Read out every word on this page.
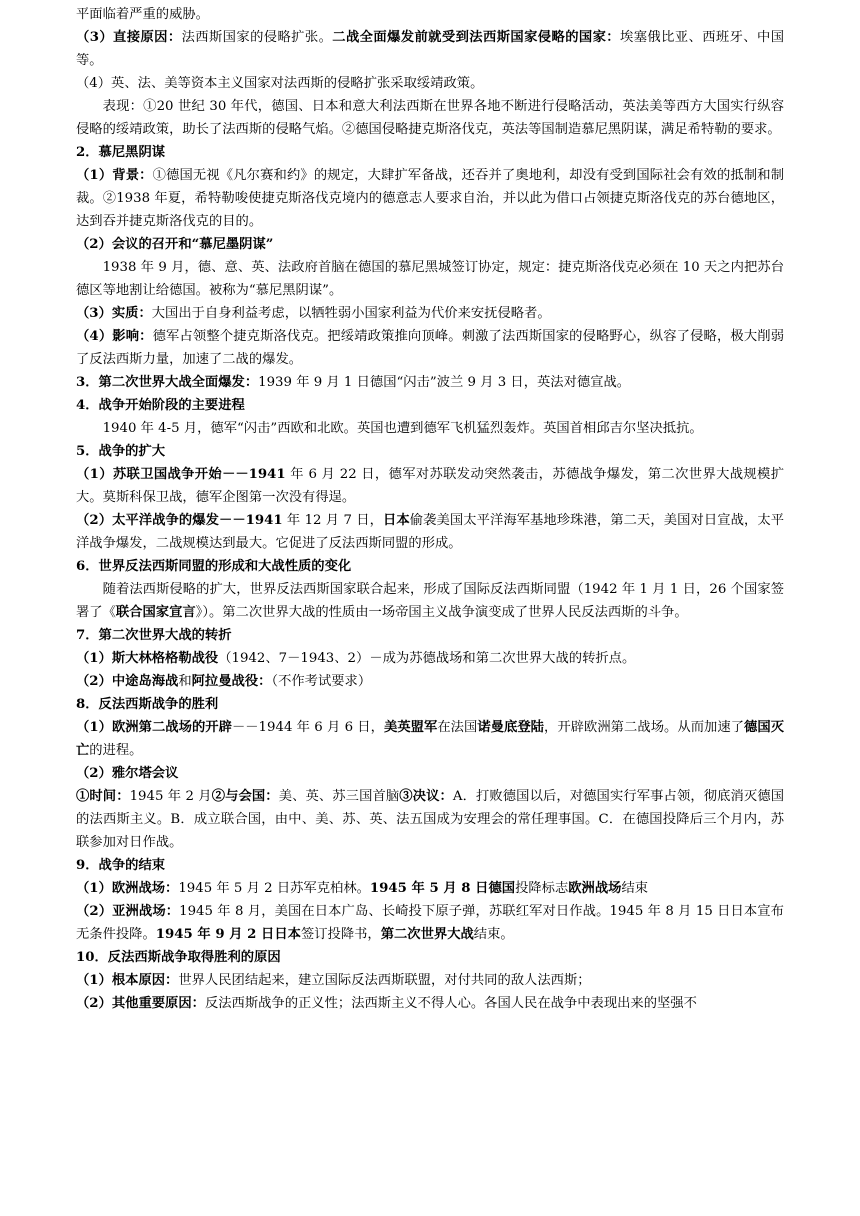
平面临着严重的威胁。

（3）直接原因：法西斯国家的侵略扩张。二战全面爆发前就受到法西斯国家侵略的国家：埃塞俄比亚、西班牙、中国等。

（4）英、法、美等资本主义国家对法西斯的侵略扩张采取绥靖政策。

表现：①20 世纪 30 年代，德国、日本和意大利法西斯在世界各地不断进行侵略活动，英法美等西方大国实行纵容侵略的绥靖政策，助长了法西斯的侵略气焰。②德国侵略捷克斯洛伐克，英法等国制造慕尼黑阴谋，满足希特勒的要求。

2．慕尼黑阴谋

（1）背景：①德国无视《凡尔赛和约》的规定，大肆扩军备战，还吞并了奥地利，却没有受到国际社会有效的抵制和制裁。②1938 年夏，希特勒唆使捷克斯洛伐克境内的德意志人要求自治，并以此为借口占领捷克斯洛伐克的苏台德地区，达到吞并捷克斯洛伐克的目的。

（2）会议的召开和“慕尼墨阴谋”

1938 年 9 月，德、意、英、法政府首脑在德国的慕尼黑城签订协定，规定：捷克斯洛伐克必须在 10 天之内把苏台德区等地割让给德国。被称为“慕尼黑阴谋”。

（3）实质：大国出于自身利益考虑，以牺牲弱小国家利益为代价来安抚侵略者。

（4）影响：德军占领整个捷克斯洛伐克。把绥靖政策推向顶峰。刺激了法西斯国家的侵略野心，纵容了侵略，极大削弱了反法西斯力量，加速了二战的爆发。

3．第二次世界大战全面爆发：1939 年 9 月 1 日德国“闪击”波兰 9 月 3 日，英法对德宣战。

4．战争开始阶段的主要进程

1940 年 4-5 月，德军“闪击”西欧和北欧。英国也遭到德军飞机猛烈轰炸。英国首相邱吉尔坚决抵抗。

5．战争的扩大

（1）苏联卫国战争开始－－1941 年 6 月 22 日，德军对苏联发动突然袭击，苏德战争爆发，第二次世界大战规模扩大。莫斯科保卫战，德军企图第一次没有得逞。

（2）太平洋战争的爆发－－1941 年 12 月 7 日，日本偷袭美国太平洋海军基地珍珠港，第二天，美国对日宣战，太平洋战争爆发，二战规模达到最大。它促进了反法西斯同盟的形成。

6．世界反法西斯同盟的形成和大战性质的变化

随着法西斯侵略的扩大，世界反法西斯国家联合起来，形成了国际反法西斯同盟（1942 年 1 月 1 日，26 个国家签署了《联合国家宣言》）。第二次世界大战的性质由一场帝国主义战争演变成了世界人民反法西斯的斗争。

7．第二次世界大战的转折

（1）斯大林格格勒战役（1942、7－1943、2）－成为苏德战场和第二次世界大战的转折点。

（2）中途岛海战和阿拉曼战役：（不作考试要求）

8．反法西斯战争的胜利

（1）欧洲第二战场的开辟－－1944 年 6 月 6 日，美英盟军在法国诺曼底登陆，开辟欧洲第二战场。从而加速了德国灭亡的进程。

（2）雅尔塔会议

①时间：1945 年 2 月②与会国：美、英、苏三国首脑③决议：A．打败德国以后，对德国实行军事占领，彻底消灭德国的法西斯主义。B．成立联合国，由中、美、苏、英、法五国成为安理会的常任理事国。C．在德国投降后三个月内，苏联参加对日作战。

9．战争的结束

（1）欧洲战场：1945 年 5 月 2 日苏军克柏林。1945 年 5 月 8 日德国投降标志欧洲战场结束

（2）亚洲战场：1945 年 8 月，美国在日本广岛、长崎投下原子弹，苏联红军对日作战。1945 年 8 月 15 日日本宣布无条件投降。1945 年 9 月 2 日日本签订投降书，第二次世界大战结束。

10．反法西斯战争取得胜利的原因

（1）根本原因：世界人民团结起来，建立国际反法西斯联盟，对付共同的敌人法西斯；

（2）其他重要原因：反法西斯战争的正义性；法西斯主义不得人心。各国人民在战争中表现出来的坚强不
